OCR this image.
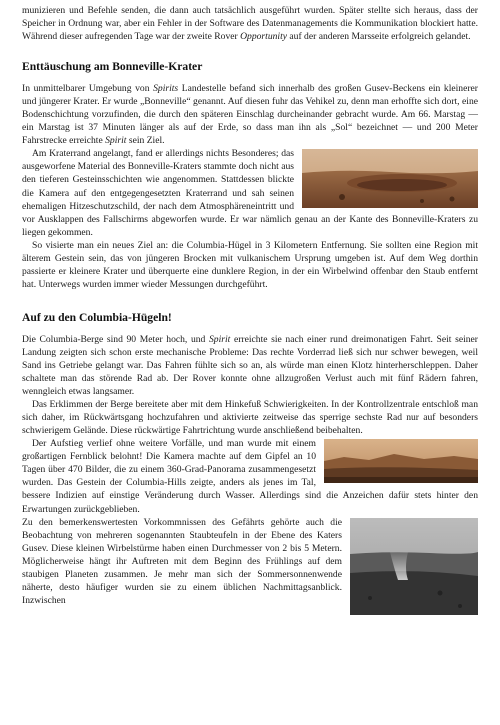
munizieren und Befehle senden, die dann auch tatsächlich ausgeführt wurden. Später stellte sich heraus, dass der Speicher in Ordnung war, aber ein Fehler in der Software des Datenmanagements die Kommunikation blockiert hatte. Während dieser aufregenden Tage war der zweite Rover Opportunity auf der anderen Marsseite erfolgreich gelandet.

Enttäuschung am Bonneville-Krater

In unmittelbarer Umgebung von Spirits Landestelle befand sich innerhalb des großen Gusev-Beckens ein kleinerer und jüngerer Krater. Er wurde „Bonneville“ genannt. Auf diesen fuhr das Vehikel zu, denn man erhoffte sich dort, eine Bodenschichtung vorzufinden, die durch den späteren Einschlag durcheinander gebracht wurde. Am 66. Marstag — ein Marstag ist 37 Minuten länger als auf der Erde, so dass man ihn als „Sol“ bezeichnet — und 200 Meter Fahrstrecke erreichte Spirit sein Ziel.

Am Kraterrand angelangt, fand er allerdings nichts Besonderes; das ausgeworfene Material des Bonneville-Kraters stammte doch nicht aus den tieferen Gesteinsschichten wie angenommen. Stattdessen blickte die Kamera auf den entgegengesetzten Kraterrand und sah seinen ehemaligen Hitzeschutzschild, der nach dem Atmosphäreneintritt und vor Ausklappen des Fallschirms abgeworfen wurde. Er war nämlich genau an der Kante des Bonneville-Kraters zu liegen gekommen.

So visierte man ein neues Ziel an: die Columbia-Hügel in 3 Kilometern Entfernung. Sie sollten eine Region mit älterem Gestein sein, das von jüngeren Brocken mit vulkanischem Ursprung umgeben ist. Auf dem Weg dorthin passierte er kleinere Krater und überquerte eine dunklere Region, in der ein Wirbelwind offenbar den Staub entfernt hat. Unterwegs wurden immer wieder Messungen durchgeführt.

Auf zu den Columbia-Hügeln!

Die Columbia-Berge sind 90 Meter hoch, und Spirit erreichte sie nach einer rund dreimonatigen Fahrt. Seit seiner Landung zeigten sich schon erste mechanische Probleme: Das rechte Vorderrad ließ sich nur schwer bewegen, weil Sand ins Getriebe gelangt war. Das Fahren fühlte sich so an, als würde man einen Klotz hinterherschleppen. Daher schaltete man das störende Rad ab. Der Rover konnte ohne allzugroßen Verlust auch mit fünf Rädern fahren, wenngleich etwas langsamer.

Das Erklimmen der Berge bereitete aber mit dem Hinkefuß Schwierigkeiten. In der Kontrollzentrale entschloß man sich daher, im Rückwärtsgang hochzufahren und aktivierte zeitweise das sperrige sechste Rad nur auf besonders schwierigem Gelände. Diese rückwärtige Fahrtrichtung wurde anschließend beibehalten.

Der Aufstieg verlief ohne weitere Vorfälle, und man wurde mit einem großartigen Fernblick belohnt! Die Kamera machte auf dem Gipfel an 10 Tagen über 470 Bilder, die zu einem 360-Grad-Panorama zusammengesetzt wurden. Das Gestein der Columbia-Hills zeigte, anders als jenes im Tal, bessere Indizien auf einstige Veränderung durch Wasser. Allerdings sind die Anzeichen dafür stets hinter den Erwartungen zurückgeblieben.

Zu den bemerkenswertesten Vorkommnissen des Gefährts gehörte auch die Beobachtung von mehreren sogenannten Staubteufeln in der Ebene des Katers Gusev. Diese kleinen Wirbelstürme haben einen Durchmesser von 2 bis 5 Metern. Möglicherweise hängt ihr Auftreten mit dem Beginn des Frühlings auf dem staubigen Planeten zusammen. Je mehr man sich der Sommersonnenwende näherte, desto häufiger wurden sie zu einem üblichen Nachmittagsanblick. Inzwischen
